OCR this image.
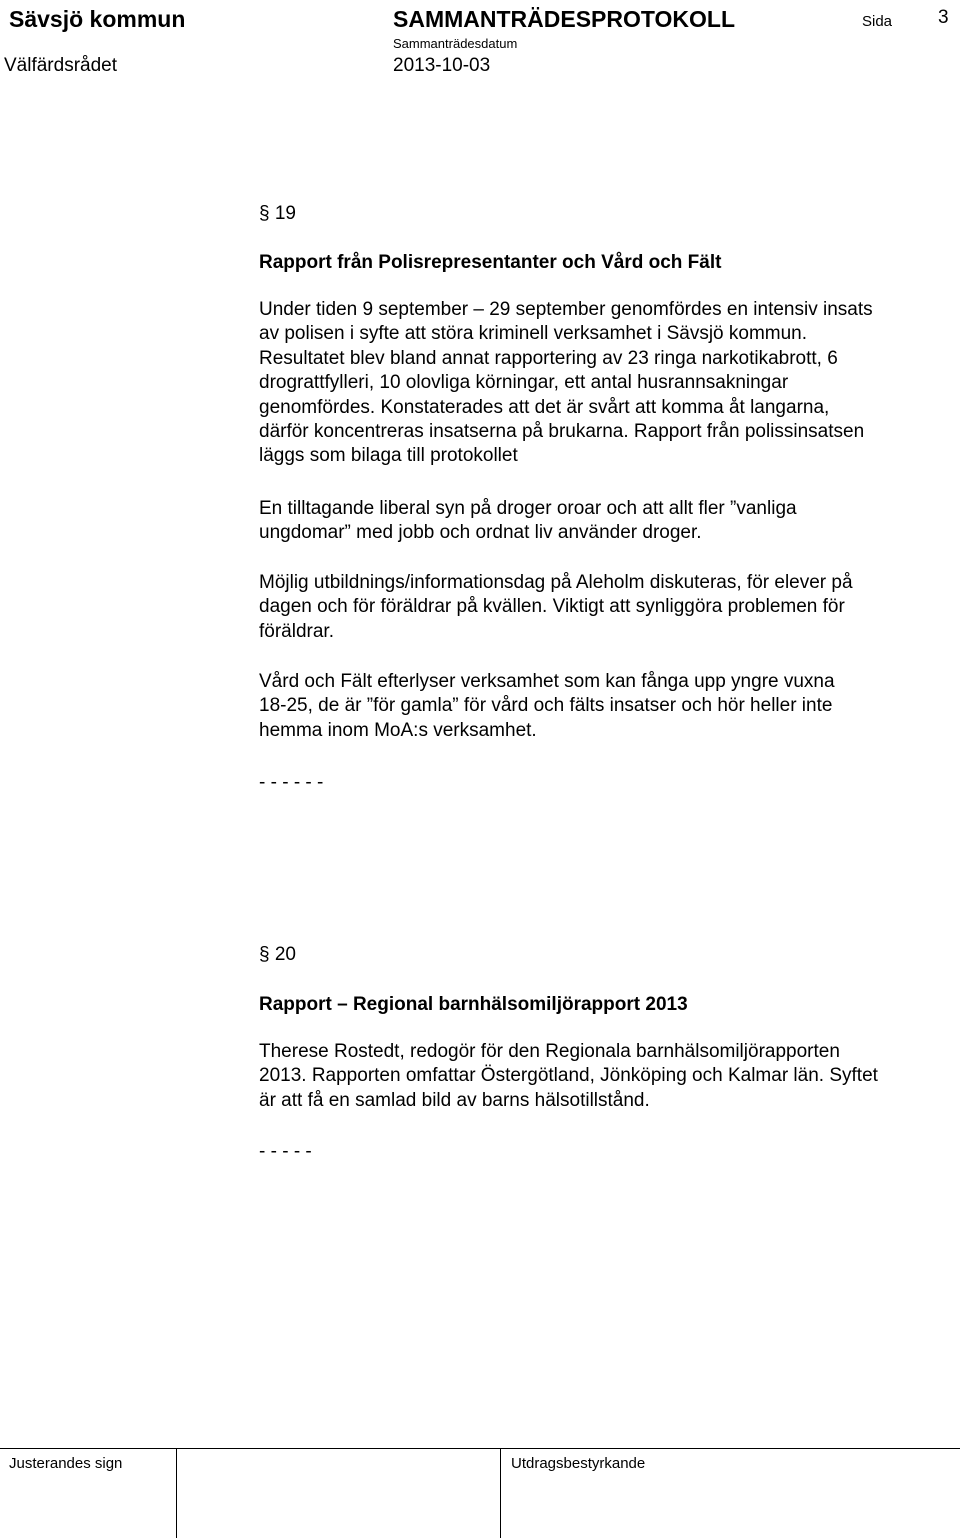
Sävsjö kommun	SAMMANTRÄDESPROTOKOLL	Sida 3
Sammanträdesdatum
Välfärdsrådet	2013-10-03
§ 19
Rapport från Polisrepresentanter och Vård och Fält
Under tiden 9 september – 29 september genomfördes en intensiv insats
av polisen i syfte att störa kriminell verksamhet i Sävsjö kommun.
Resultatet blev bland annat rapportering av 23 ringa narkotikabrott, 6
drograttfylleri, 10 olovliga körningar, ett antal husrannsakningar
genomfördes. Konstaterades att det är svårt att komma åt langarna,
därför koncentreras insatserna på brukarna. Rapport från polissinsatsen
läggs som bilaga till protokollet
En tilltagande liberal syn på droger oroar och att allt fler ”vanliga
ungdomar” med jobb och ordnat liv använder droger.
Möjlig utbildnings/informationsdag på Aleholm diskuteras, för elever på
dagen och för föräldrar på kvällen. Viktigt att synliggöra problemen för
föräldrar.
Vård och Fält efterlyser verksamhet som kan fånga upp yngre vuxna
18-25, de är ”för gamla” för vård och fälts insatser och hör heller inte
hemma inom MoA:s verksamhet.
- - - - - -
§ 20
Rapport – Regional barnhälsomiljörapport 2013
Therese Rostedt, redogör för den Regionala barnhälsomiljörapporten
2013. Rapporten omfattar Östergötland, Jönköping och Kalmar län. Syftet
är att få en samlad bild av barns hälsotillstånd.
- - - - -
Justerandes sign	Utdragsbestyrkande
